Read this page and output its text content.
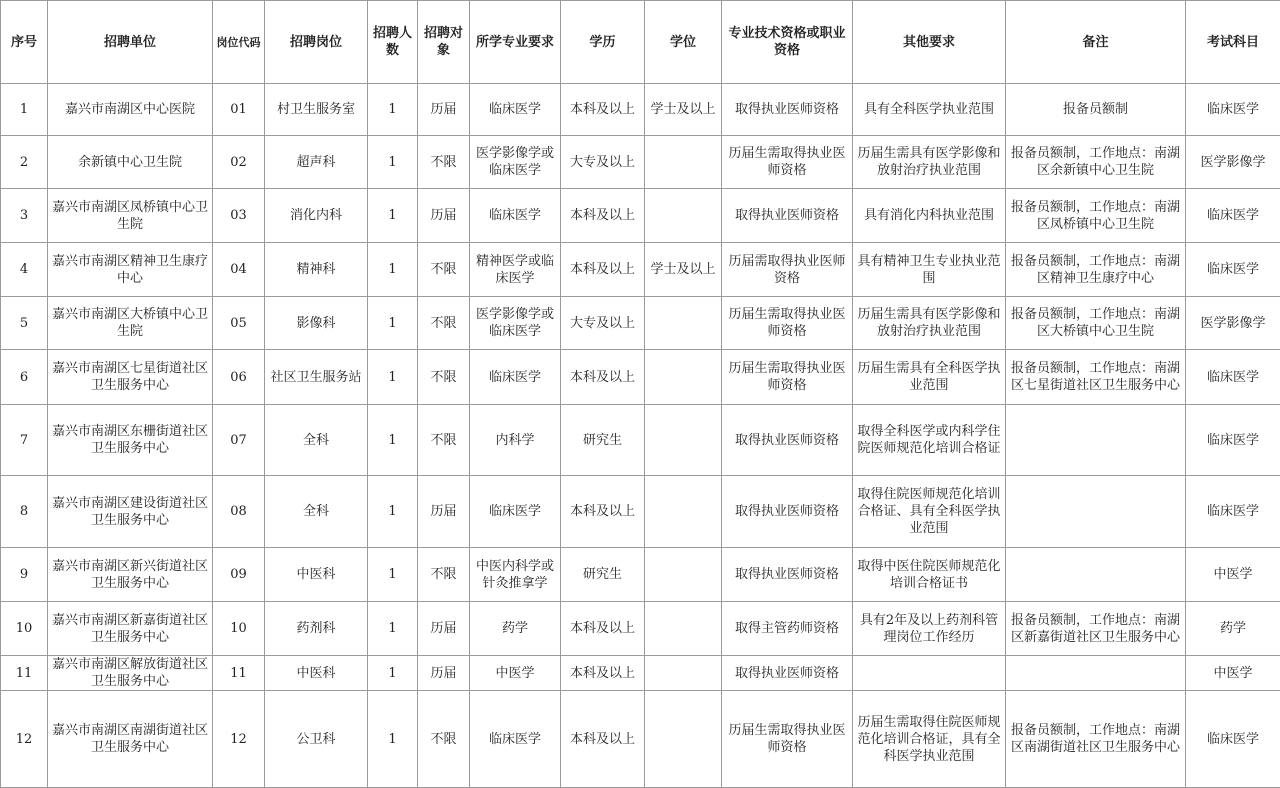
序号	招聘单位	岗位代码	招聘岗位	招聘人数	招聘对象	所学专业要求	学历	学位	专业技术资格或职业资格	其他要求	备注	考试科目
1	嘉兴市南湖区中心医院	01	村卫生服务室	1	历届	临床医学	本科及以上	学士及以上	取得执业医师资格	具有全科医学执业范围	报备员额制	临床医学
2	余新镇中心卫生院	02	超声科	1	不限	医学影像学或临床医学	大专及以上		历届生需取得执业医师资格	历届生需具有医学影像和放射治疗执业范围	报备员额制，工作地点：南湖区余新镇中心卫生院	医学影像学
3	嘉兴市南湖区凤桥镇中心卫生院	03	消化内科	1	历届	临床医学	本科及以上		取得执业医师资格	具有消化内科执业范围	报备员额制，工作地点：南湖区凤桥镇中心卫生院	临床医学
4	嘉兴市南湖区精神卫生康疗中心	04	精神科	1	不限	精神医学或临床医学	本科及以上	学士及以上	历届需取得执业医师资格	具有精神卫生专业执业范围	报备员额制，工作地点：南湖区精神卫生康疗中心	临床医学
5	嘉兴市南湖区大桥镇中心卫生院	05	影像科	1	不限	医学影像学或临床医学	大专及以上		历届生需取得执业医师资格	历届生需具有医学影像和放射治疗执业范围	报备员额制，工作地点：南湖区大桥镇中心卫生院	医学影像学
6	嘉兴市南湖区七星街道社区卫生服务中心	06	社区卫生服务站	1	不限	临床医学	本科及以上		历届生需取得执业医师资格	历届生需具有全科医学执业范围	报备员额制，工作地点：南湖区七星街道社区卫生服务中心	临床医学
7	嘉兴市南湖区东栅街道社区卫生服务中心	07	全科	1	不限	内科学	研究生		取得执业医师资格	取得全科医学或内科学住院医师规范化培训合格证		临床医学
8	嘉兴市南湖区建设街道社区卫生服务中心	08	全科	1	历届	临床医学	本科及以上		取得执业医师资格	取得住院医师规范化培训合格证、具有全科医学执业范围		临床医学
9	嘉兴市南湖区新兴街道社区卫生服务中心	09	中医科	1	不限	中医内科学或针灸推拿学	研究生		取得执业医师资格	取得中医住院医师规范化培训合格证书		中医学
10	嘉兴市南湖区新嘉街道社区卫生服务中心	10	药剂科	1	历届	药学	本科及以上		取得主管药师资格	具有2年及以上药剂科管理岗位工作经历	报备员额制，工作地点：南湖区新嘉街道社区卫生服务中心	药学
11	嘉兴市南湖区解放街道社区卫生服务中心	11	中医科	1	历届	中医学	本科及以上		取得执业医师资格			中医学
12	嘉兴市南湖区南湖街道社区卫生服务中心	12	公卫科	1	不限	临床医学	本科及以上		历届生需取得执业医师资格	历届生需取得住院医师规范化培训合格证，具有全科医学执业范围	报备员额制，工作地点：南湖区南湖街道社区卫生服务中心	临床医学
